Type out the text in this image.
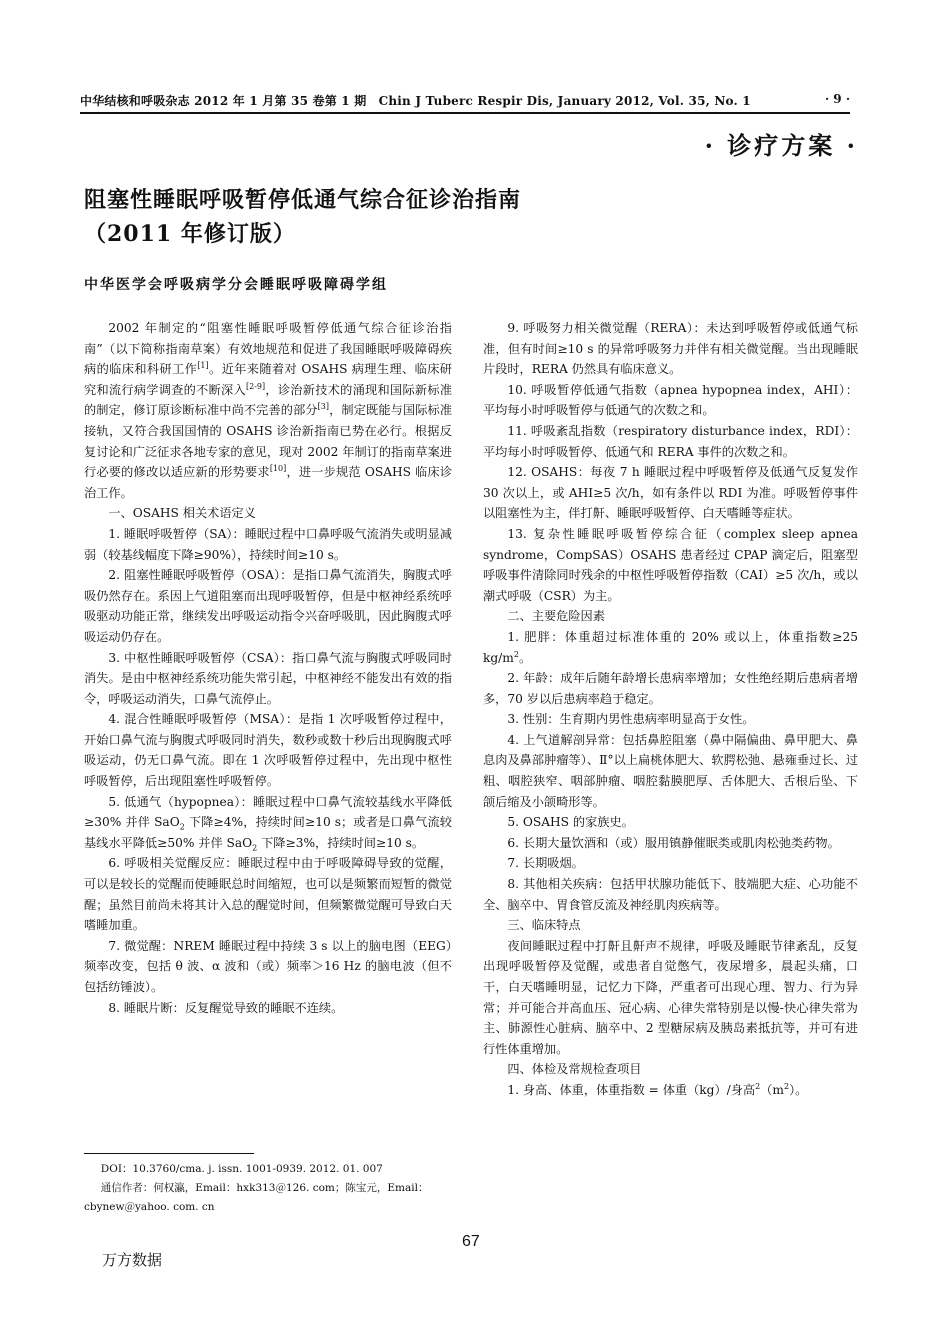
中华结核和呼吸杂志 2012 年 1 月第 35 卷第 1 期　Chin J Tuberc Respir Dis, January 2012, Vol. 35, No. 1	· 9 ·
· 诊疗方案 ·
阻塞性睡眠呼吸暂停低通气综合征诊治指南
（2011 年修订版）
中华医学会呼吸病学分会睡眠呼吸障碍学组

2002 年制定的“阻塞性睡眠呼吸暂停低通气综合征诊治指南”（以下简称指南草案）有效地规范和促进了我国睡眠呼吸障碍疾病的临床和科研工作[1]。近年来随着对 OSAHS 病理生理、临床研究和流行病学调查的不断深入[2-9]，诊治新技术的涌现和国际新标准的制定，修订原诊断标准中尚不完善的部分[3]，制定既能与国际标准接轨，又符合我国国情的 OSAHS 诊治新指南已势在必行。根据反复讨论和广泛征求各地专家的意见，现对 2002 年制订的指南草案进行必要的修改以适应新的形势要求[10]，进一步规范 OSAHS 临床诊治工作。

一、OSAHS 相关术语定义

1. 睡眠呼吸暂停（SA）：睡眠过程中口鼻呼吸气流消失或明显减弱（较基线幅度下降≥90%），持续时间≥10 s。

2. 阻塞性睡眠呼吸暂停（OSA）：是指口鼻气流消失，胸腹式呼吸仍然存在。系因上气道阻塞而出现呼吸暂停，但是中枢神经系统呼吸驱动功能正常，继续发出呼吸运动指令兴奋呼吸肌，因此胸腹式呼吸运动仍存在。

3. 中枢性睡眠呼吸暂停（CSA）：指口鼻气流与胸腹式呼吸同时消失。是由中枢神经系统功能失常引起，中枢神经不能发出有效的指令，呼吸运动消失，口鼻气流停止。

4. 混合性睡眠呼吸暂停（MSA）：是指 1 次呼吸暂停过程中，开始口鼻气流与胸腹式呼吸同时消失，数秒或数十秒后出现胸腹式呼吸运动，仍无口鼻气流。即在 1 次呼吸暂停过程中，先出现中枢性呼吸暂停，后出现阻塞性呼吸暂停。

5. 低通气（hypopnea）：睡眠过程中口鼻气流较基线水平降低≥30% 并伴 SaO$_2$ 下降≥4%，持续时间≥10 s；或者是口鼻气流较基线水平降低≥50% 并伴 SaO$_2$ 下降≥3%，持续时间≥10 s。

6. 呼吸相关觉醒反应：睡眠过程中由于呼吸障碍导致的觉醒，可以是较长的觉醒而使睡眠总时间缩短，也可以是频繁而短暂的微觉醒；虽然目前尚未将其计入总的醒觉时间，但频繁微觉醒可导致白天嗜睡加重。

7. 微觉醒：NREM 睡眠过程中持续 3 s 以上的脑电图（EEG）频率改变，包括 θ 波、α 波和（或）频率＞16 Hz 的脑电波（但不包括纺锤波）。

8. 睡眠片断：反复醒觉导致的睡眠不连续。

9. 呼吸努力相关微觉醒（RERA）：未达到呼吸暂停或低通气标准，但有时间≥10 s 的异常呼吸努力并伴有相关微觉醒。当出现睡眠片段时，RERA 仍然具有临床意义。

10. 呼吸暂停低通气指数（apnea hypopnea index，AHI）：平均每小时呼吸暂停与低通气的次数之和。

11. 呼吸紊乱指数（respiratory disturbance index，RDI）：平均每小时呼吸暂停、低通气和 RERA 事件的次数之和。

12. OSAHS：每夜 7 h 睡眠过程中呼吸暂停及低通气反复发作 30 次以上，或 AHI≥5 次/h，如有条件以 RDI 为准。呼吸暂停事件以阻塞性为主，伴打鼾、睡眠呼吸暂停、白天嗜睡等症状。

13. 复杂性睡眠呼吸暂停综合征（complex sleep apnea syndrome，CompSAS）OSAHS 患者经过 CPAP 滴定后，阻塞型呼吸事件清除同时残余的中枢性呼吸暂停指数（CAI）≥5 次/h，或以潮式呼吸（CSR）为主。

二、主要危险因素

1. 肥胖：体重超过标准体重的 20% 或以上，体重指数≥25 $kg/m^2$。

2. 年龄：成年后随年龄增长患病率增加；女性绝经期后患病者增多，70 岁以后患病率趋于稳定。

3. 性别：生育期内男性患病率明显高于女性。

4. 上气道解剖异常：包括鼻腔阻塞（鼻中隔偏曲、鼻甲肥大、鼻息肉及鼻部肿瘤等）、Ⅱ°以上扁桃体肥大、软腭松弛、悬雍垂过长、过粗、咽腔狭窄、咽部肿瘤、咽腔黏膜肥厚、舌体肥大、舌根后坠、下颌后缩及小颌畸形等。

5. OSAHS 的家族史。

6. 长期大量饮酒和（或）服用镇静催眠类或肌肉松弛类药物。

7. 长期吸烟。

8. 其他相关疾病：包括甲状腺功能低下、肢端肥大症、心功能不全、脑卒中、胃食管反流及神经肌肉疾病等。

三、临床特点

夜间睡眠过程中打鼾且鼾声不规律，呼吸及睡眠节律紊乱，反复出现呼吸暂停及觉醒，或患者自觉憋气，夜尿增多，晨起头痛，口干，白天嗜睡明显，记忆力下降，严重者可出现心理、智力、行为异常；并可能合并高血压、冠心病、心律失常特别是以慢-快心律失常为主、肺源性心脏病、脑卒中、2 型糖尿病及胰岛素抵抗等，并可有进行性体重增加。

四、体检及常规检查项目

1. 身高、体重，体重指数 = 体重（kg）/身高$^2(m^2)$。

DOI：10.3760/cma. j. issn. 1001-0939. 2012. 01. 007

通信作者：何权瀛，Email：hxk313＠126. com；陈宝元，Email：cbynew＠yahoo. com. cn

67
万方数据
